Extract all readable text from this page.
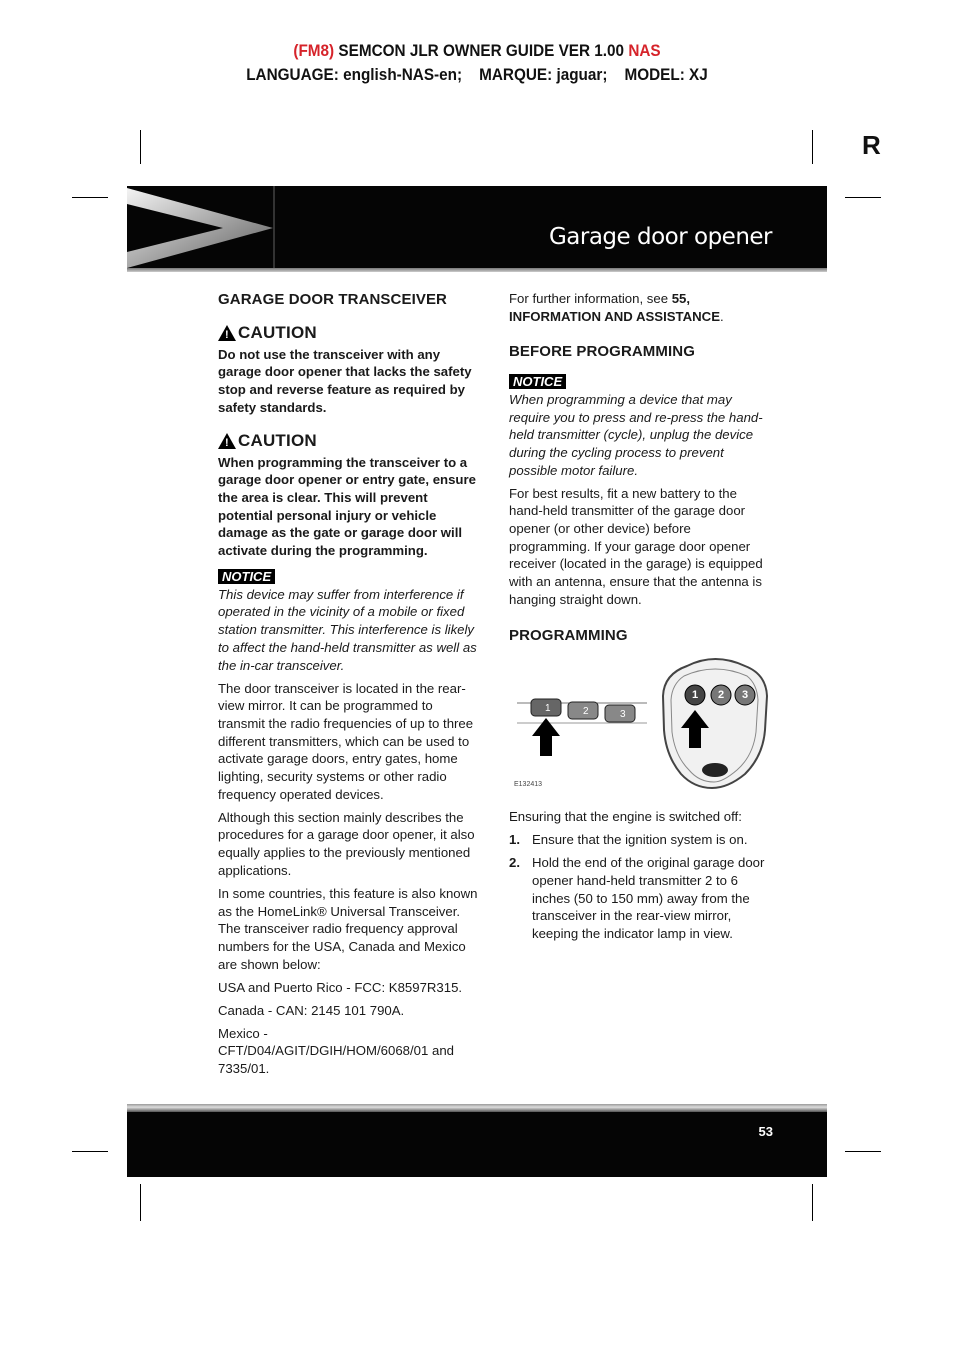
(FM8) SEMCON JLR OWNER GUIDE VER 1.00 NAS
LANGUAGE: english-NAS-en;    MARQUE: jaguar;    MODEL: XJ
R
Garage door opener
GARAGE DOOR TRANSCEIVER
!
CAUTION

Do not use the transceiver with any garage door opener that lacks the safety stop and reverse feature as required by safety standards.

!
CAUTION

When programming the transceiver to a garage door opener or entry gate, ensure the area is clear. This will prevent potential personal injury or vehicle damage as the gate or garage door will activate during the programming.

NOTICE

This device may suffer from interference if operated in the vicinity of a mobile or fixed station transmitter. This interference is likely to affect the hand-held transmitter as well as the in-car transceiver.

The door transceiver is located in the rear-view mirror. It can be programmed to transmit the radio frequencies of up to three different transmitters, which can be used to activate garage doors, entry gates, home lighting, security systems or other radio frequency operated devices.

Although this section mainly describes the procedures for a garage door opener, it also equally applies to the previously mentioned applications.

In some countries, this feature is also known as the HomeLink® Universal Transceiver. The transceiver radio frequency approval numbers for the USA, Canada and Mexico are shown below:

USA and Puerto Rico - FCC: K8597R315.

Canada - CAN: 2145 101 790A.

Mexico - CFT/D04/AGIT/DGIH/HOM/6068/01 and 7335/01.

For further information, see 55, INFORMATION AND ASSISTANCE.

BEFORE PROGRAMMING
NOTICE

When programming a device that may require you to press and re-press the hand-held transmitter (cycle), unplug the device during the cycling process to prevent possible motor failure.

For best results, fit a new battery to the hand-held transmitter of the garage door opener (or other device) before programming. If your garage door opener receiver (located in the garage) is equipped with an antenna, ensure that the antenna is hanging straight down.

PROGRAMMING
1	2	3
1 2 3
E132413

Ensuring that the engine is switched off:

1. Ensure that the ignition system is on.
2. Hold the end of the original garage door opener hand-held transmitter 2 to 6 inches (50 to 150 mm) away from the transceiver in the rear-view mirror, keeping the indicator lamp in view.
53
